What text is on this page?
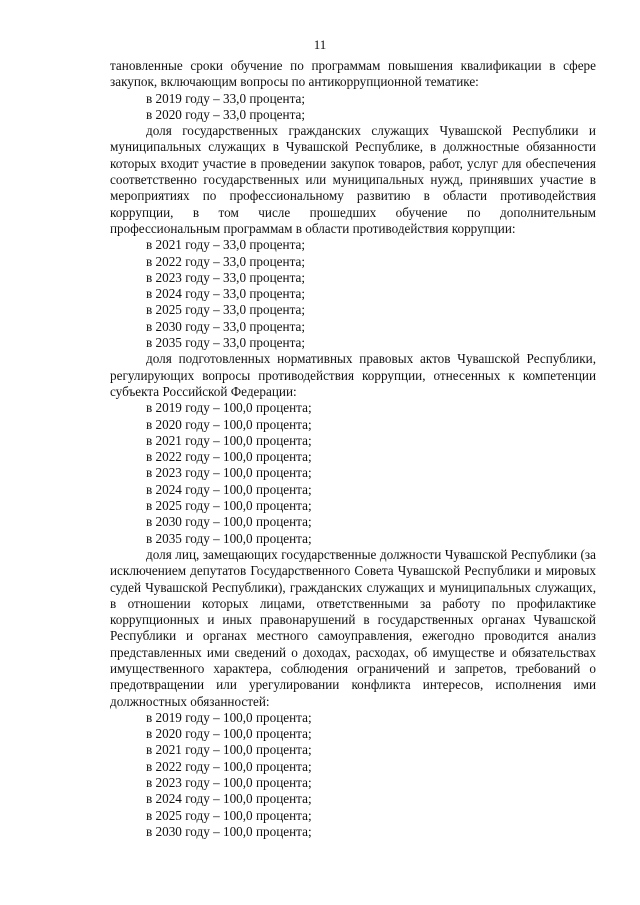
11

тановленные сроки обучение по программам повышения квалификации в сфере закупок, включающим вопросы по антикоррупционной тематике:

в 2019 году – 33,0 процента;

в 2020 году – 33,0 процента;

доля государственных гражданских служащих Чувашской Республики и муниципальных служащих в Чувашской Республике, в должностные обязанности которых входит участие в проведении закупок товаров, работ, услуг для обеспечения соответственно государственных или муниципальных нужд, принявших участие в мероприятиях по профессиональному развитию в области противодействия коррупции, в том числе прошедших обучение по дополнительным профессиональным программам в области противодействия коррупции:

в 2021 году – 33,0 процента;

в 2022 году – 33,0 процента;

в 2023 году – 33,0 процента;

в 2024 году – 33,0 процента;

в 2025 году – 33,0 процента;

в 2030 году – 33,0 процента;

в 2035 году – 33,0 процента;

доля подготовленных нормативных правовых актов Чувашской Республики, регулирующих вопросы противодействия коррупции, отнесенных к компетенции субъекта Российской Федерации:

в 2019 году – 100,0 процента;

в 2020 году – 100,0 процента;

в 2021 году – 100,0 процента;

в 2022 году – 100,0 процента;

в 2023 году – 100,0 процента;

в 2024 году – 100,0 процента;

в 2025 году – 100,0 процента;

в 2030 году – 100,0 процента;

в 2035 году – 100,0 процента;

доля лиц, замещающих государственные должности Чувашской Республики (за исключением депутатов Государственного Совета Чувашской Республики и мировых судей Чувашской Республики), гражданских служащих и муниципальных служащих, в отношении которых лицами, ответственными за работу по профилактике коррупционных и иных правонарушений в государственных органах Чувашской Республики и органах местного самоуправления, ежегодно проводится анализ представленных ими сведений о доходах, расходах, об имуществе и обязательствах имущественного характера, соблюдения ограничений и запретов, требований о предотвращении или урегулировании конфликта интересов, исполнения ими должностных обязанностей:

в 2019 году – 100,0 процента;

в 2020 году – 100,0 процента;

в 2021 году – 100,0 процента;

в 2022 году – 100,0 процента;

в 2023 году – 100,0 процента;

в 2024 году – 100,0 процента;

в 2025 году – 100,0 процента;

в 2030 году – 100,0 процента;
